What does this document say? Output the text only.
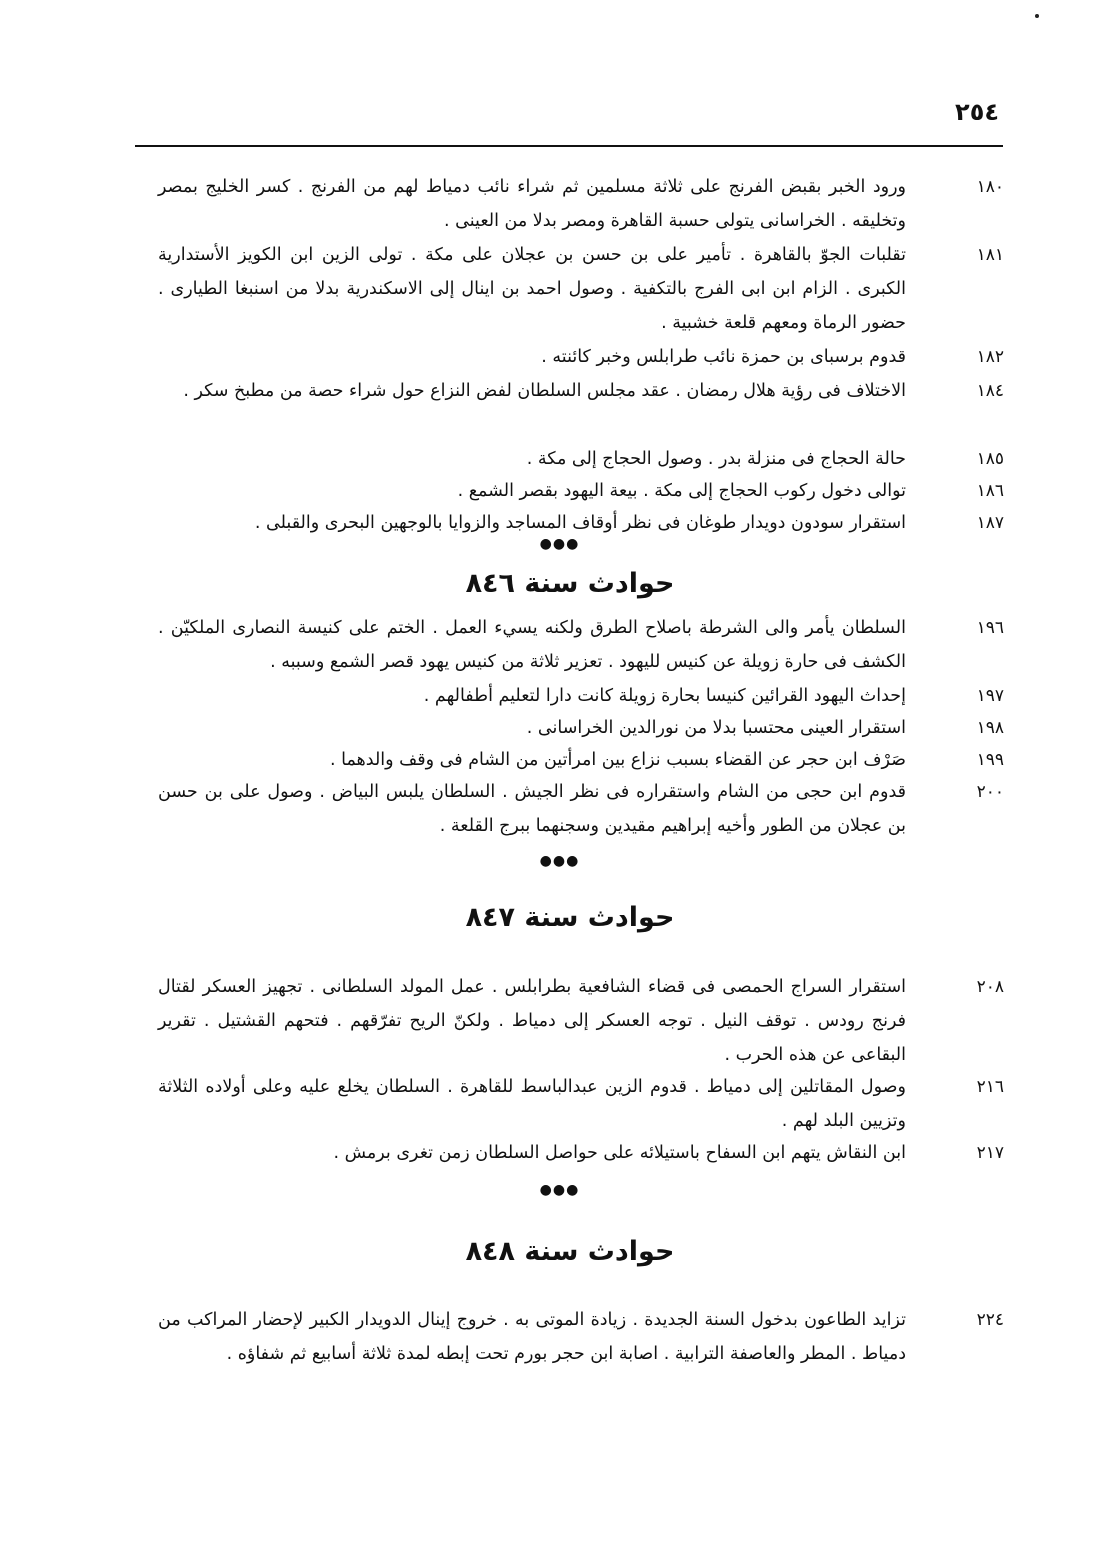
٢٥٤
١٨٠
ورود الخبر بقبض الفرنج على ثلاثة مسلمين ثم شراء نائب دمياط لهم من الفرنج . كسر الخليج بمصر وتخليقه . الخراسانى يتولى حسبة القاهرة ومصر بدلا من العينى .
١٨١
تقلبات الجوّ بالقاهرة . تأمير على بن حسن بن عجلان على مكة . تولى الزين ابن الكويز الأستدارية الكبرى . الزام ابن ابى الفرج بالتكفية . وصول احمد بن اينال إلى الاسكندرية بدلا من اسنبغا الطيارى . حضور الرماة ومعهم قلعة خشبية .
١٨٢
قدوم برسباى بن حمزة نائب طرابلس وخبر كائنته .
١٨٤
الاختلاف فى رؤية هلال رمضان . عقد مجلس السلطان لفض النزاع حول شراء حصة من مطبخ سكر .
١٨٥
حالة الحجاج فى منزلة بدر . وصول الحجاج إلى مكة .
١٨٦
توالى دخول ركوب الحجاج إلى مكة . بيعة اليهود بقصر الشمع .
١٨٧
استقرار سودون دويدار طوغان فى نظر أوقاف المساجد والزوايا بالوجهين البحرى والقبلى .
●●●
حوادث سنة ٨٤٦
١٩٦
السلطان يأمر والى الشرطة باصلاح الطرق ولكنه يسيء العمل . الختم على كنيسة النصارى الملكيّن . الكشف فى حارة زويلة عن كنيس لليهود . تعزير ثلاثة من كنيس يهود قصر الشمع وسببه .
١٩٧
إحداث اليهود القرائين كنيسا بحارة زويلة كانت دارا لتعليم أطفالهم .
١٩٨
استقرار العينى محتسبا بدلا من نورالدين الخراسانى .
١٩٩
صَرْف ابن حجر عن القضاء بسبب نزاع بين امرأتين من الشام فى وقف والدهما .
٢٠٠
قدوم ابن حجى من الشام واستقراره فى نظر الجيش . السلطان يلبس البياض . وصول على بن حسن بن عجلان من الطور وأخيه إبراهيم مقيدين وسجنهما ببرج القلعة .
●●●
حوادث سنة ٨٤٧
٢٠٨
استقرار السراج الحمصى فى قضاء الشافعية بطرابلس . عمل المولد السلطانى . تجهيز العسكر لقتال فرنج رودس . توقف النيل . توجه العسكر إلى دمياط . ولكنّ الريح تفرّقهم . فتحهم القشتيل . تقرير البقاعى عن هذه الحرب .
٢١٦
وصول المقاتلين إلى دمياط . قدوم الزين عبدالباسط للقاهرة . السلطان يخلع عليه وعلى أولاده الثلاثة وتزيين البلد لهم .
٢١٧
ابن النقاش يتهم ابن السفاح باستيلائه على حواصل السلطان زمن تغرى برمش .
●●●
حوادث سنة ٨٤٨
٢٢٤
تزايد الطاعون بدخول السنة الجديدة . زيادة الموتى به . خروج إينال الدويدار الكبير لإحضار المراكب من دمياط . المطر والعاصفة الترابية . اصابة ابن حجر بورم تحت إبطه لمدة ثلاثة أسابيع ثم شفاؤه .
